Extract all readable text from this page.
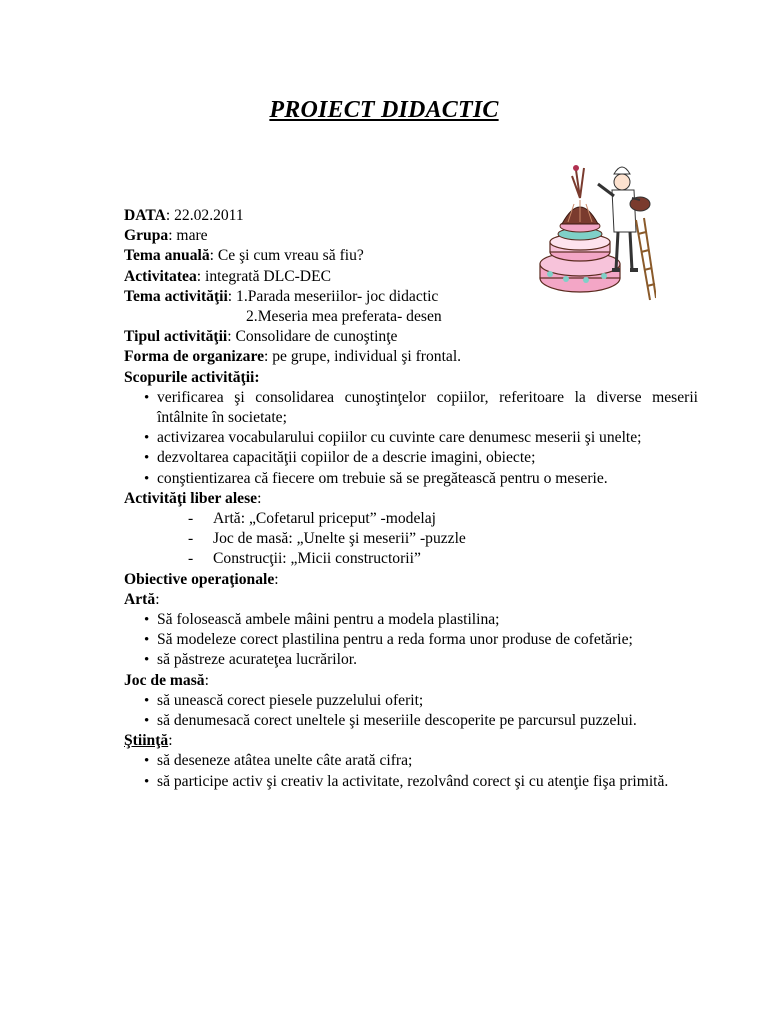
PROIECT DIDACTIC
DATA: 22.02.2011
Grupa: mare
Tema anuală: Ce şi cum vreau să fiu?
Activitatea: integrată DLC-DEC
Tema activităţii: 1.Parada meseriilor- joc didactic
2.Meseria mea preferata- desen
Tipul activităţii: Consolidare de cunoştinţe
Forma de organizare: pe grupe, individual şi frontal.
Scopurile activităţii:
• verificarea şi consolidarea cunoştinţelor copiilor, referitoare la diverse meserii întâlnite în societate;
• activizarea vocabularului copiilor cu cuvinte care denumesc meserii şi unelte;
• dezvoltarea capacităţii copiilor de a descrie imagini, obiecte;
• conştientizarea că fiecere om trebuie să se pregătească pentru o meserie.
Activităţi liber alese:
- Artă: „Cofetarul priceput” -modelaj
- Joc de masă: „Unelte şi meserii” -puzzle
- Construcţii: „Micii constructorii”
Obiective operaţionale:
Artă:
• Să folosească ambele mâini pentru a modela plastilina;
• Să modeleze corect plastilina pentru a reda forma unor produse de cofetărie;
• să păstreze acurateţea lucrărilor.
Joc de masă:
• să unească corect piesele puzzelului oferit;
• să denumesacă corect uneltele şi meseriile descoperite pe parcursul puzzelui.
Ştiinţă:
• să deseneze atâtea unelte câte arată cifra;
• să participe activ şi creativ la activitate, rezolvând corect şi cu atenţie fişa primită.
